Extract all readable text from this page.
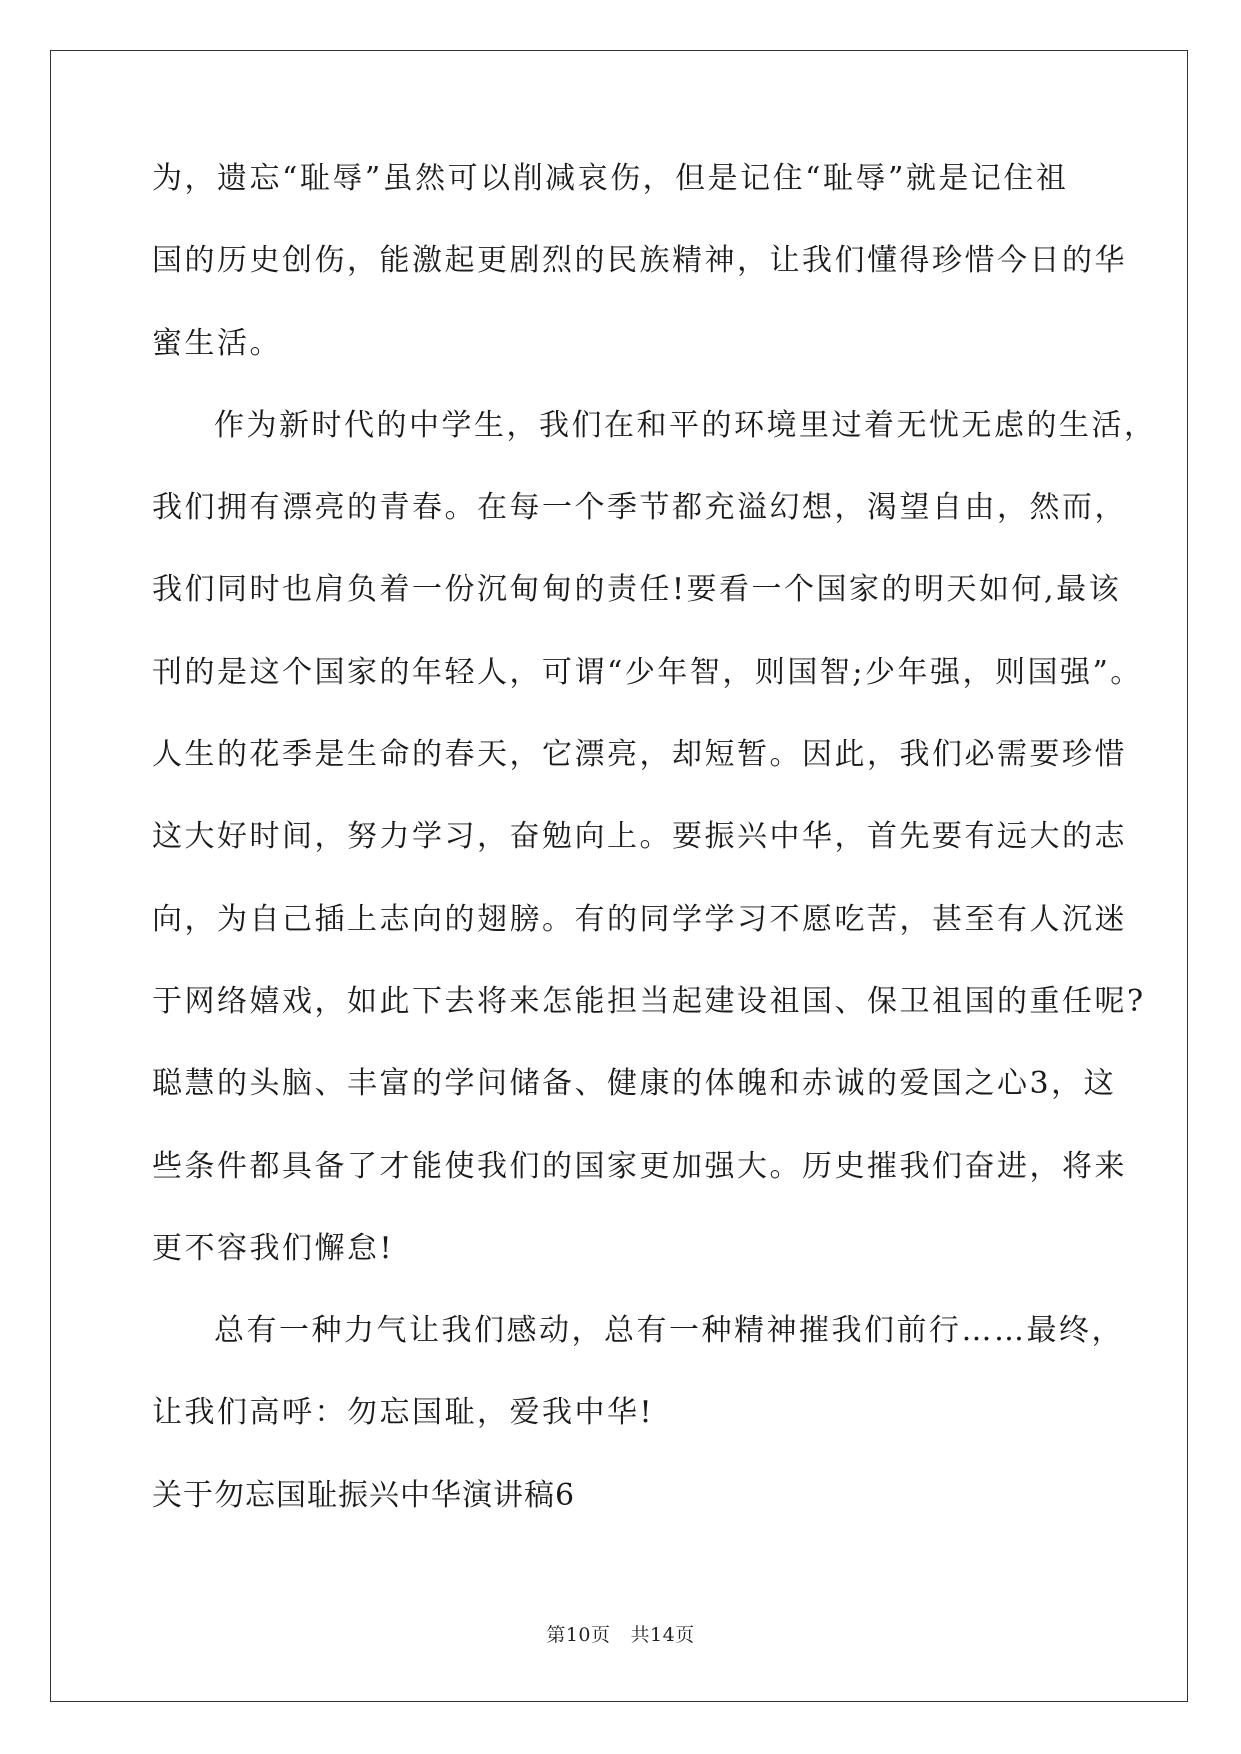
为，遗忘“耻辱”虽然可以削减哀伤，但是记住“耻辱”就是记住祖
国的历史创伤，能激起更剧烈的民族精神，让我们懂得珍惜今日的华
蜜生活。
作为新时代的中学生，我们在和平的环境里过着无忧无虑的生活，
我们拥有漂亮的青春。在每一个季节都充溢幻想，渴望自由，然而，
我们同时也肩负着一份沉甸甸的责任!要看一个国家的明天如何,最该
刊的是这个国家的年轻人，可谓“少年智，则国智;少年强，则国强”。
人生的花季是生命的春天，它漂亮，却短暂。因此，我们必需要珍惜
这大好时间，努力学习，奋勉向上。要振兴中华，首先要有远大的志
向，为自己插上志向的翅膀。有的同学学习不愿吃苦，甚至有人沉迷
于网络嬉戏，如此下去将来怎能担当起建设祖国、保卫祖国的重任呢?
聪慧的头脑、丰富的学问储备、健康的体魄和赤诚的爱国之心3，这
些条件都具备了才能使我们的国家更加强大。历史摧我们奋进，将来
更不容我们懈怠!
总有一种力气让我们感动，总有一种精神摧我们前行……最终，
让我们高呼：勿忘国耻，爱我中华!
关于勿忘国耻振兴中华演讲稿6
第10页 共14页
